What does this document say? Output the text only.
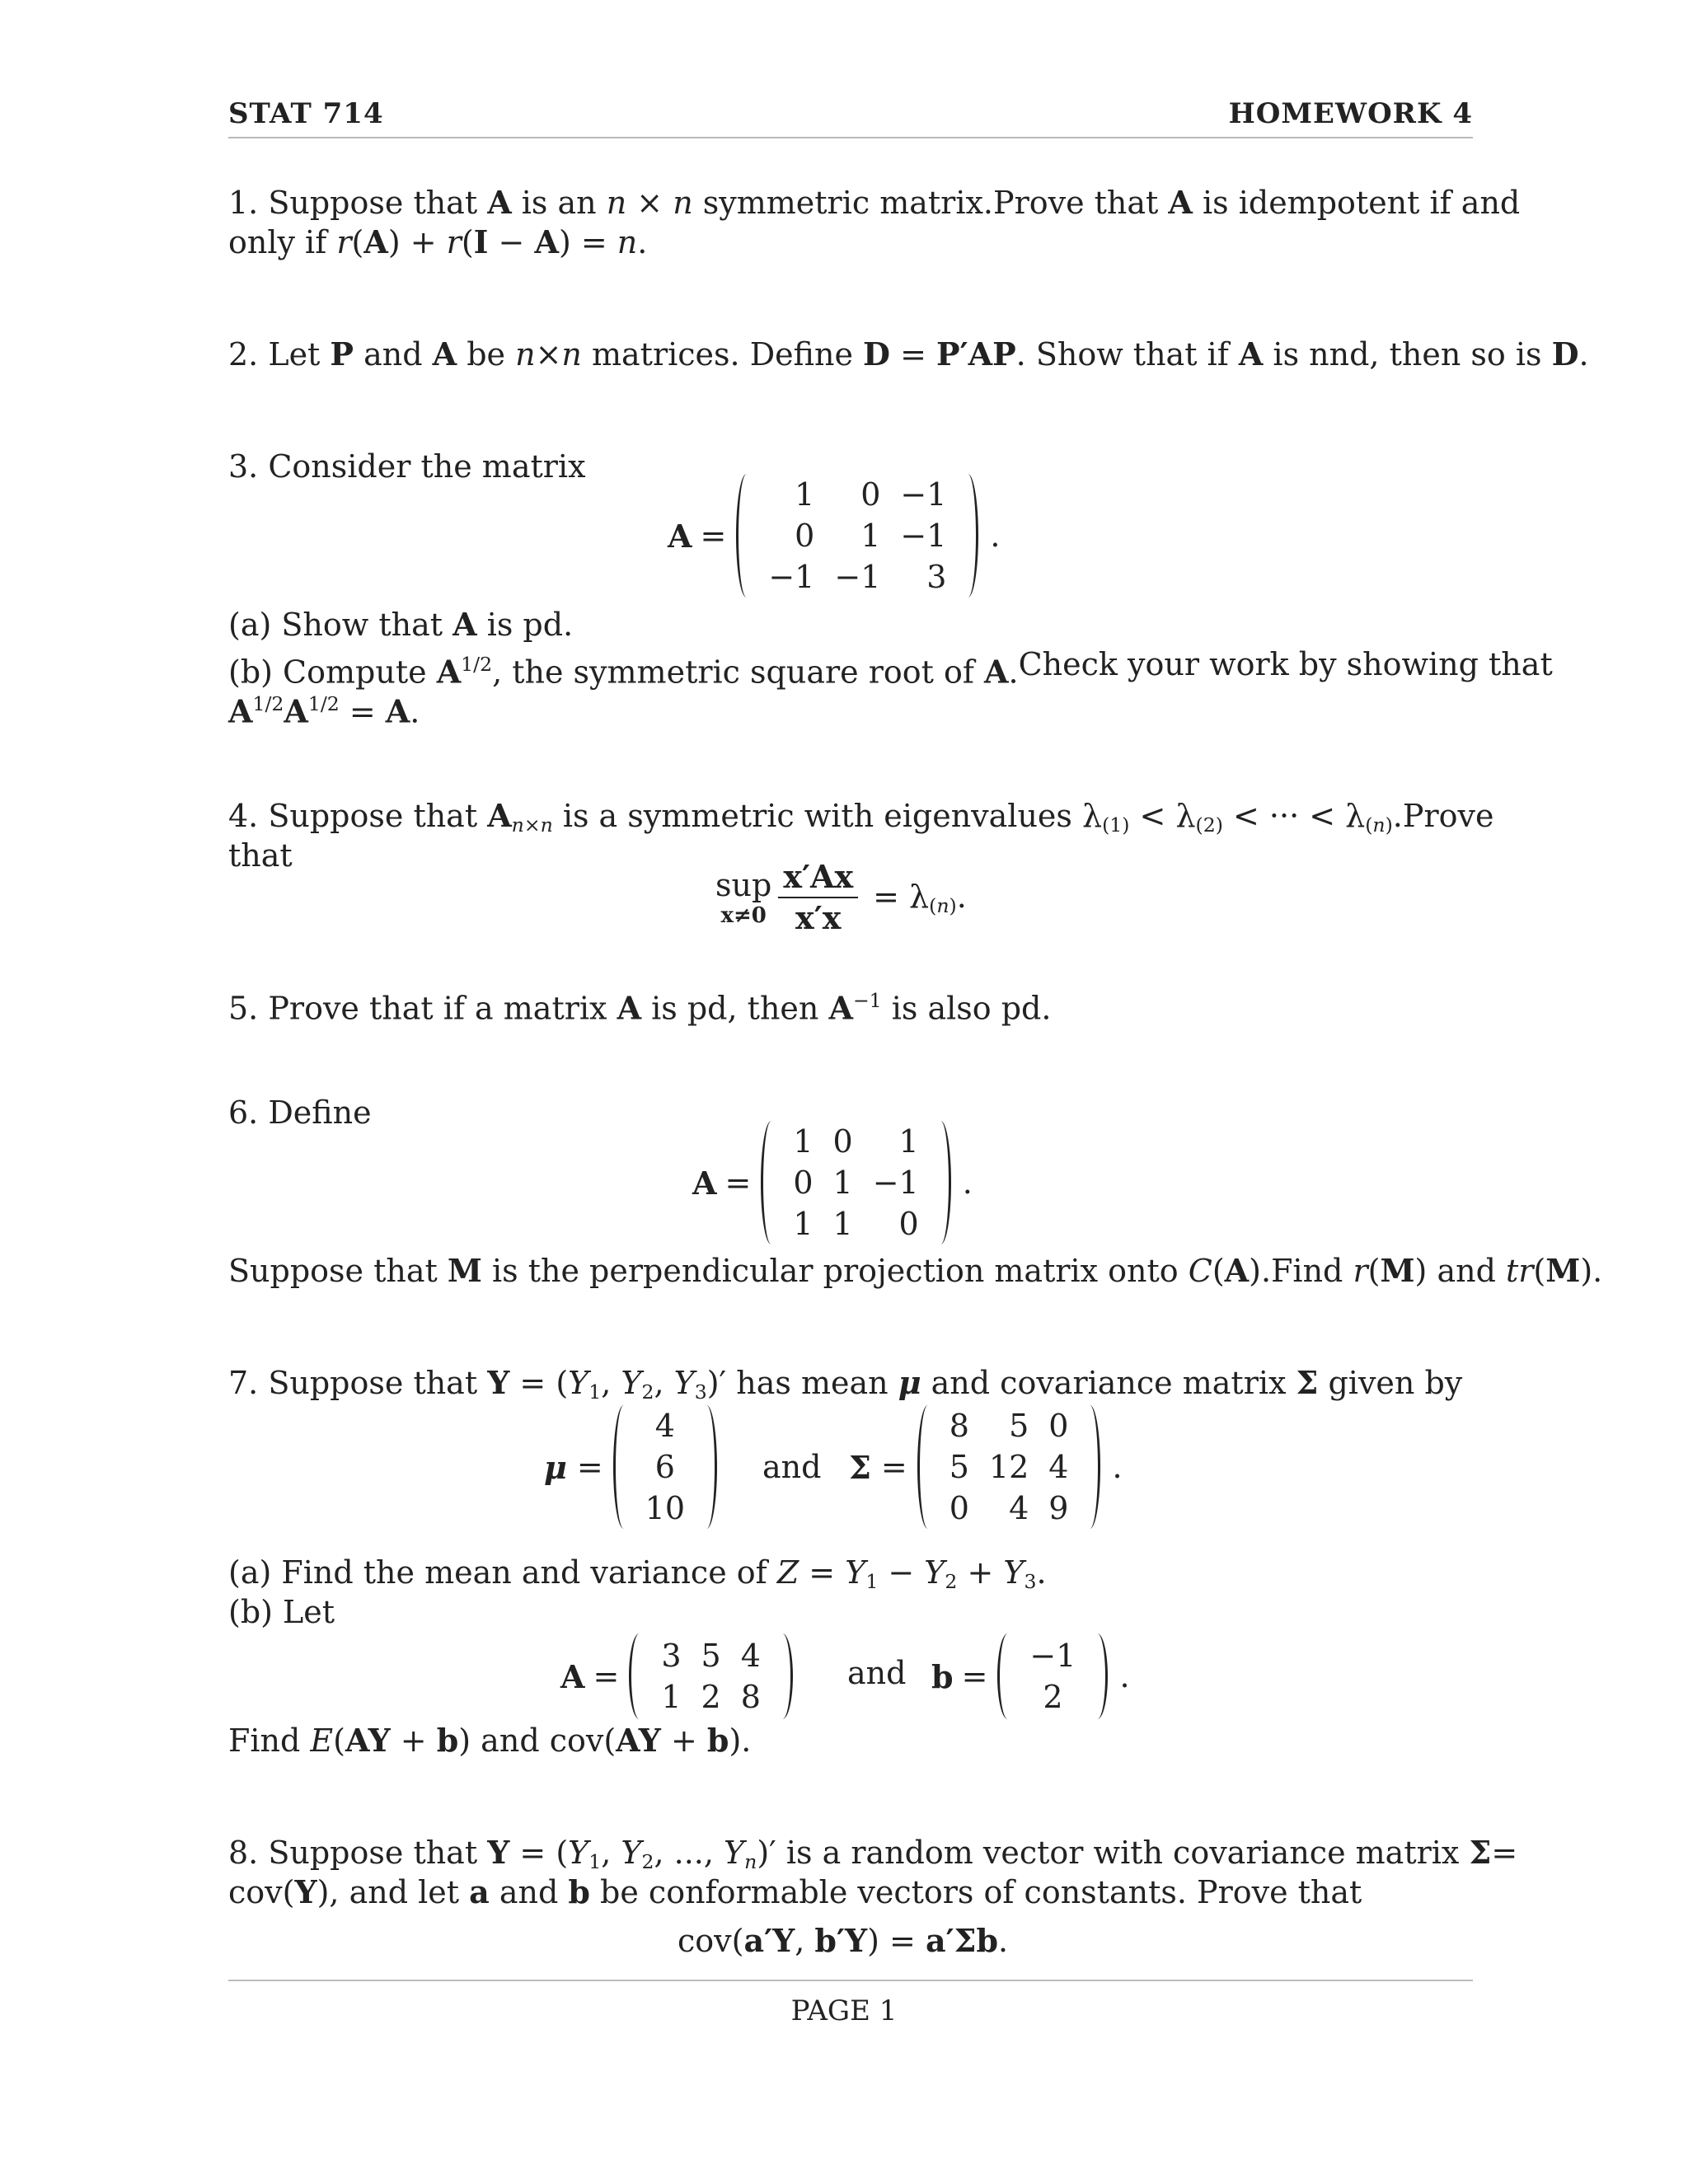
STAT 714	HOMEWORK 4
1. Suppose that A is an n × n symmetric matrix. Prove that A is idempotent if and
only if r(A) + r(I − A) = n.
2. Let P and A be n×n matrices. Define D = P′AP. Show that if A is nnd, then so is D.
3. Consider the matrix
A =
1	0	−1
0	1	−1
−1	−1	3
.
(a) Show that A is pd.
(b) Compute $A^{1/2}$, the symmetric square root of A. Check your work by showing that
$A^{1/2}A^{1/2} = A$.
4. Suppose that $A_{n\times n}$ is a symmetric with eigenvalues $\lambda_{(1)} < \lambda_{(2)}$ < ··· < $\lambda_{(n)}$. Prove
that
sup
$x\ne 0 \frac{x'Ax}{x'x} = \lambda_{(n)}$.
5. Prove that if a matrix A is pd, then $A^{-1}$ is also pd.
6. Define
A =
1	0	1
0	1	−1
1	1	0
.
Suppose that M is the perpendicular projection matrix onto C(A). Find r(M) and tr(M).
7. Suppose that $Y = (Y_1$, $Y_2$, $Y_3)'$ has mean μ and covariance matrix Σ given by
μ =
4
6
10
and Σ =
8	5	0
5	12	4
0	4	9
.
(a) Find the mean and variance of $Z = Y_1 - Y_2 + Y_3$.
(b) Let
A =
3	5	4
1	2	8
and b =
−1
2
.
Find E(AY + b) and cov(AY + b).
8. Suppose that $Y = (Y_1$, $Y_2$, ..., $Y_n)'$ is a random vector with covariance matrix Σ =
cov(Y), and let a and b be conformable vectors of constants. Prove that
cov(a′Y, b′Y) = a′Σb.
PAGE 1
